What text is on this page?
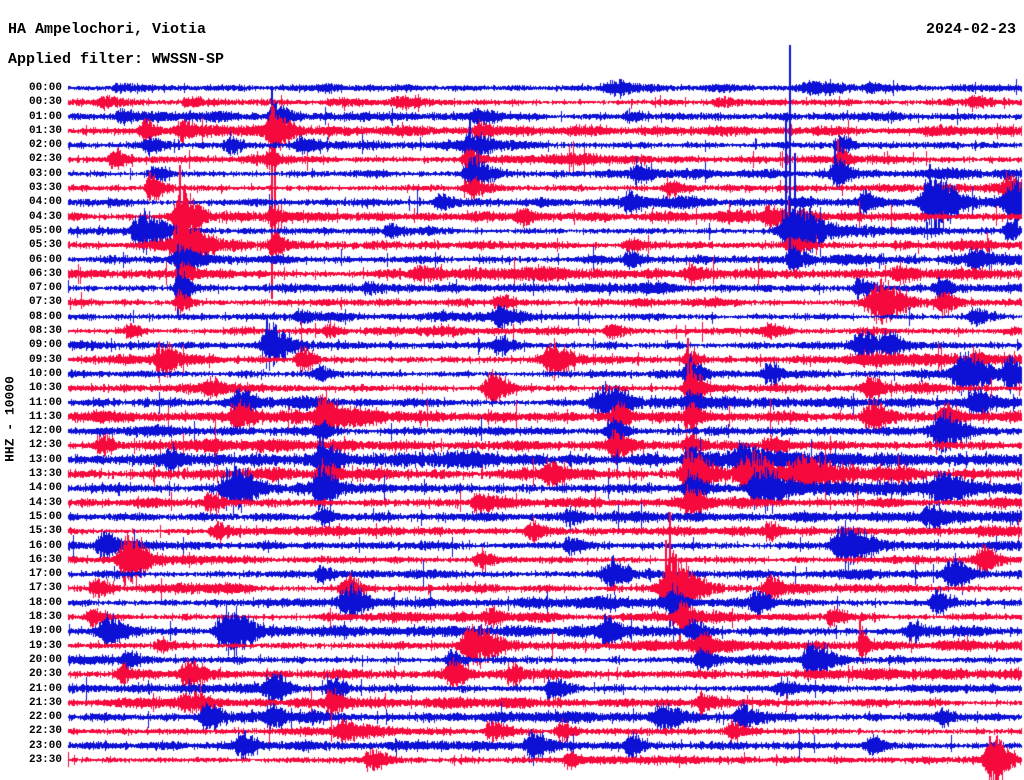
HA Ampelochori, Viotia	2024-02-23
Applied filter: WWSSN-SP
HHZ - 10000
00:00
00:30
01:00
01:30
02:00
02:30
03:00
03:30
04:00
04:30
05:00
05:30
06:00
06:30
07:00
07:30
08:00
08:30
09:00
09:30
10:00
10:30
11:00
11:30
12:00
12:30
13:00
13:30
14:00
14:30
15:00
15:30
16:00
16:30
17:00
17:30
18:00
18:30
19:00
19:30
20:00
20:30
21:00
21:30
22:00
22:30
23:00
23:30
